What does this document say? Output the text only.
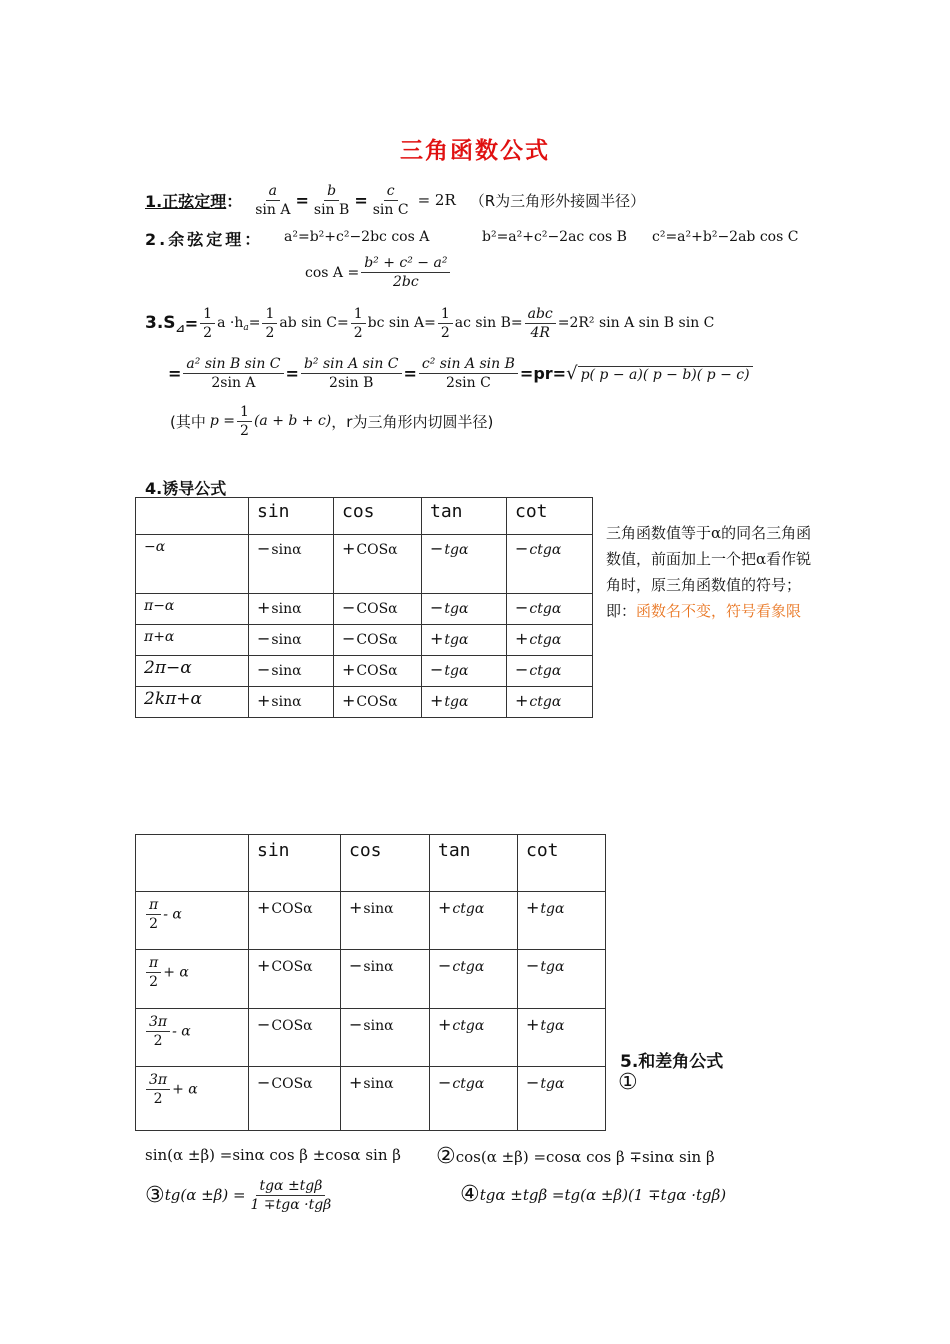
三角函数公式
1.正弦定理 ： $\frac{a}{\text{sin A}} = \frac{b}{\text{sin B}} = \frac{c}{\text{sin C}} = 2R$ （R为三角形外接圆半径）
2.余弦定理： a²=b²+c²−2bc cos A	b²=a²+c²−2ac cos B c²=a²+b²−2ab cos C
$\cos A = \frac{\text{b² + c² − a²}}{2bc}$
3.S ⊿ = $\frac{1}{2}$ a ·h $a = \frac{1}{2}$ ab $\sin C = \frac{1}{2}$ bc $\sin A = \frac{1}{2}$ ac $\sin B = \frac{\text{abc}}{4R} =2R^2$ sin A sin B sin C
= $\frac{\text{a² sin B sin C}}{\text{2sin A}} = \frac{\text{b² sin A sin C}}{\text{2sin B}} = \frac{\text{c² sin A sin B}}{\text{2sin C}} =pr=$ √ p( p − a)( p − b)( p − c)
(其中 $p = \frac{1}{2} (a + b + c)$ ，r为三角形内切圆半径)
4.诱导公式
	sin	cos	tan	cot
−α	−sinα	+COSα	−tgα	−ctgα
π−α	+sinα	−COSα	−tgα	−ctgα
π+α	−sinα	−COSα	+tgα	+ctgα
2π−α	−sinα	+COSα	−tgα	−ctgα
2kπ+α	+sinα	+COSα	+tgα	+ctgα
三角函数值等于α的同名三角函数值，前面加上一个把α看作锐角时，原三角函数值的符号；即：函数名不变，符号看象限
	sin	cos	tan	cot

$\frac{\pi}{2}$ - α	+COSα	+sinα	+ctgα	+tgα

$\frac{\pi}{2} + \alpha$	+COSα	−sinα	−ctgα	−tgα

$\frac{3\pi}{2}$ - α	−COSα	−sinα	+ctgα	+tgα

$\frac{3\pi}{2} + \alpha$	−COSα	+sinα	−ctgα	−tgα
5.和差角公式
①
sin(α ±β) =sinα cos β ±cosα sin β ② cos(α ±β) =cosα cos β ∓sinα sin β
③ $tg(\alpha \pm\beta) = \frac{\text{tgα ±tgβ}}{\text{1 ∓tgα ·tgβ}}$	④ tgα ±tgβ =tg(α ±β)(1 ∓tgα ·tgβ)
